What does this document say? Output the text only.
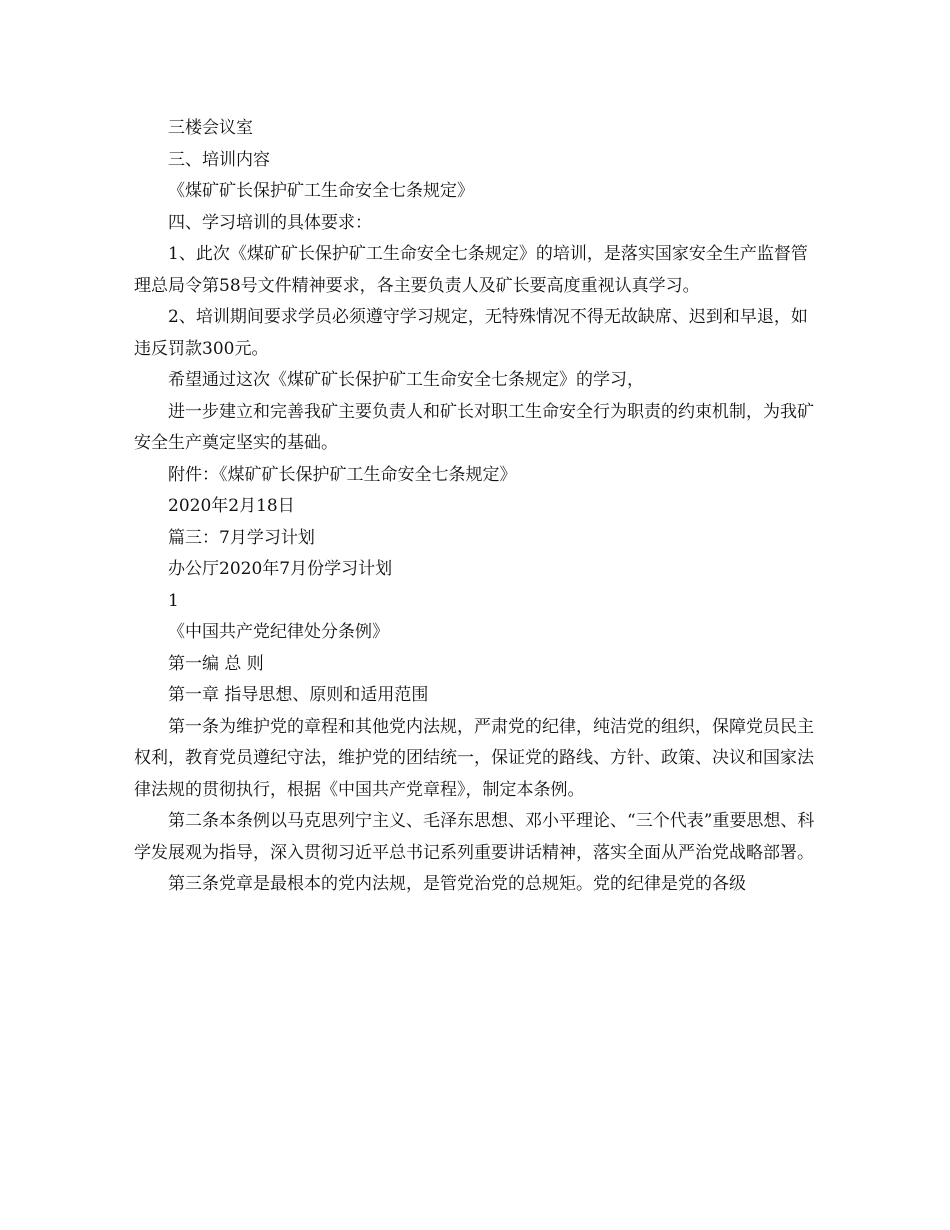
三楼会议室

三、培训内容

《煤矿矿长保护矿工生命安全七条规定》

四、学习培训的具体要求：

1、此次《煤矿矿长保护矿工生命安全七条规定》的培训，是落实国家安全生产监督管理总局令第58号文件精神要求，各主要负责人及矿长要高度重视认真学习。

2、培训期间要求学员必须遵守学习规定，无特殊情况不得无故缺席、迟到和早退，如违反罚款300元。

希望通过这次《煤矿矿长保护矿工生命安全七条规定》的学习，

进一步建立和完善我矿主要负责人和矿长对职工生命安全行为职责的约束机制，为我矿安全生产奠定坚实的基础。

附件：《煤矿矿长保护矿工生命安全七条规定》

2020年2月18日

篇三：7月学习计划

办公厅2020年7月份学习计划

1

《中国共产党纪律处分条例》

第一编 总 则

第一章 指导思想、原则和适用范围

第一条为维护党的章程和其他党内法规，严肃党的纪律，纯洁党的组织，保障党员民主权利，教育党员遵纪守法，维护党的团结统一，保证党的路线、方针、政策、决议和国家法律法规的贯彻执行，根据《中国共产党章程》，制定本条例。

第二条本条例以马克思列宁主义、毛泽东思想、邓小平理论、“三个代表”重要思想、科学发展观为指导，深入贯彻习近平总书记系列重要讲话精神，落实全面从严治党战略部署。

第三条党章是最根本的党内法规，是管党治党的总规矩。党的纪律是党的各级
